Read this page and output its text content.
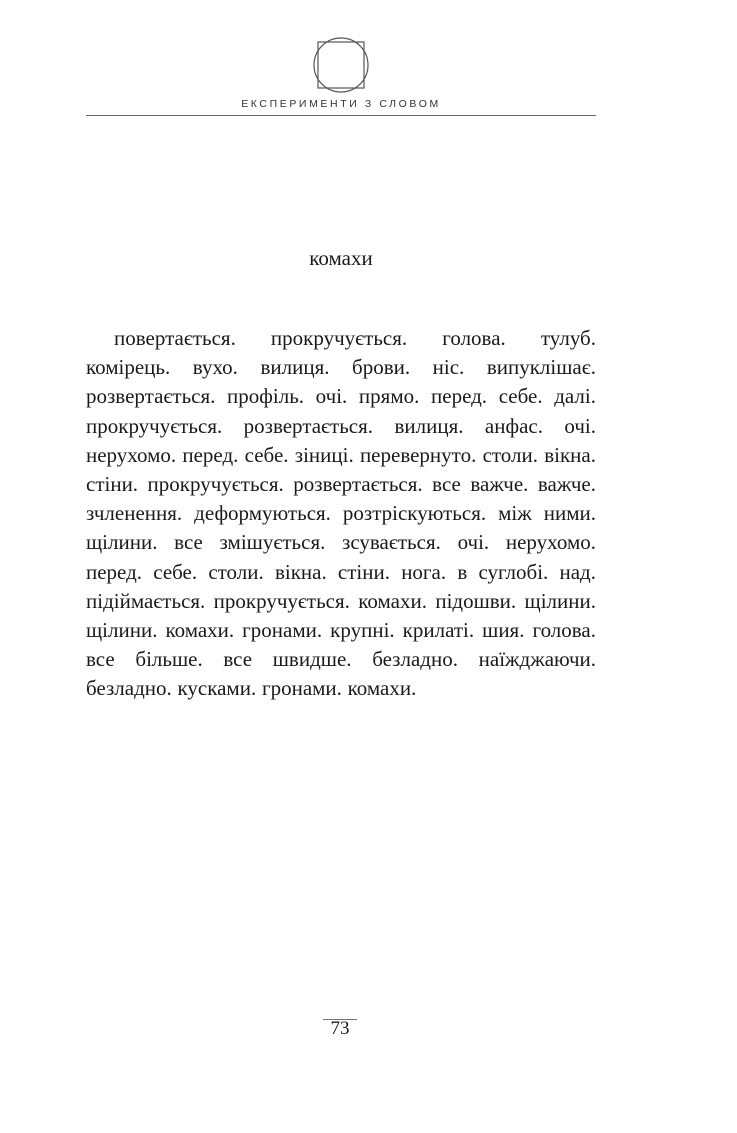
ЕКСПЕРИМЕНТИ З СЛОВОМ
комахи

повертається. прокручується. голова. тулуб. комірець. вухо. вилиця. брови. ніс. випуклішає. розвертається. профіль. очі. прямо. перед. себе. далі. прокручується. розвертається. вилиця. анфас. очі. нерухомо. перед. себе. зіниці. перевернуто. столи. вікна. стіни. прокручується. розвертається. все важче. важче. зчленення. деформуються. розтріскуються. між ними. щілини. все змішується. зсувається. очі. нерухомо. перед. себе. столи. вікна. стіни. нога. в суглобі. над. підіймається. прокручується. комахи. підошви. щілини. щілини. комахи. гронами. крупні. крилаті. шия. голова. все більше. все швидше. безладно. наїжджаючи. безладно. кусками. гронами. комахи.

73
